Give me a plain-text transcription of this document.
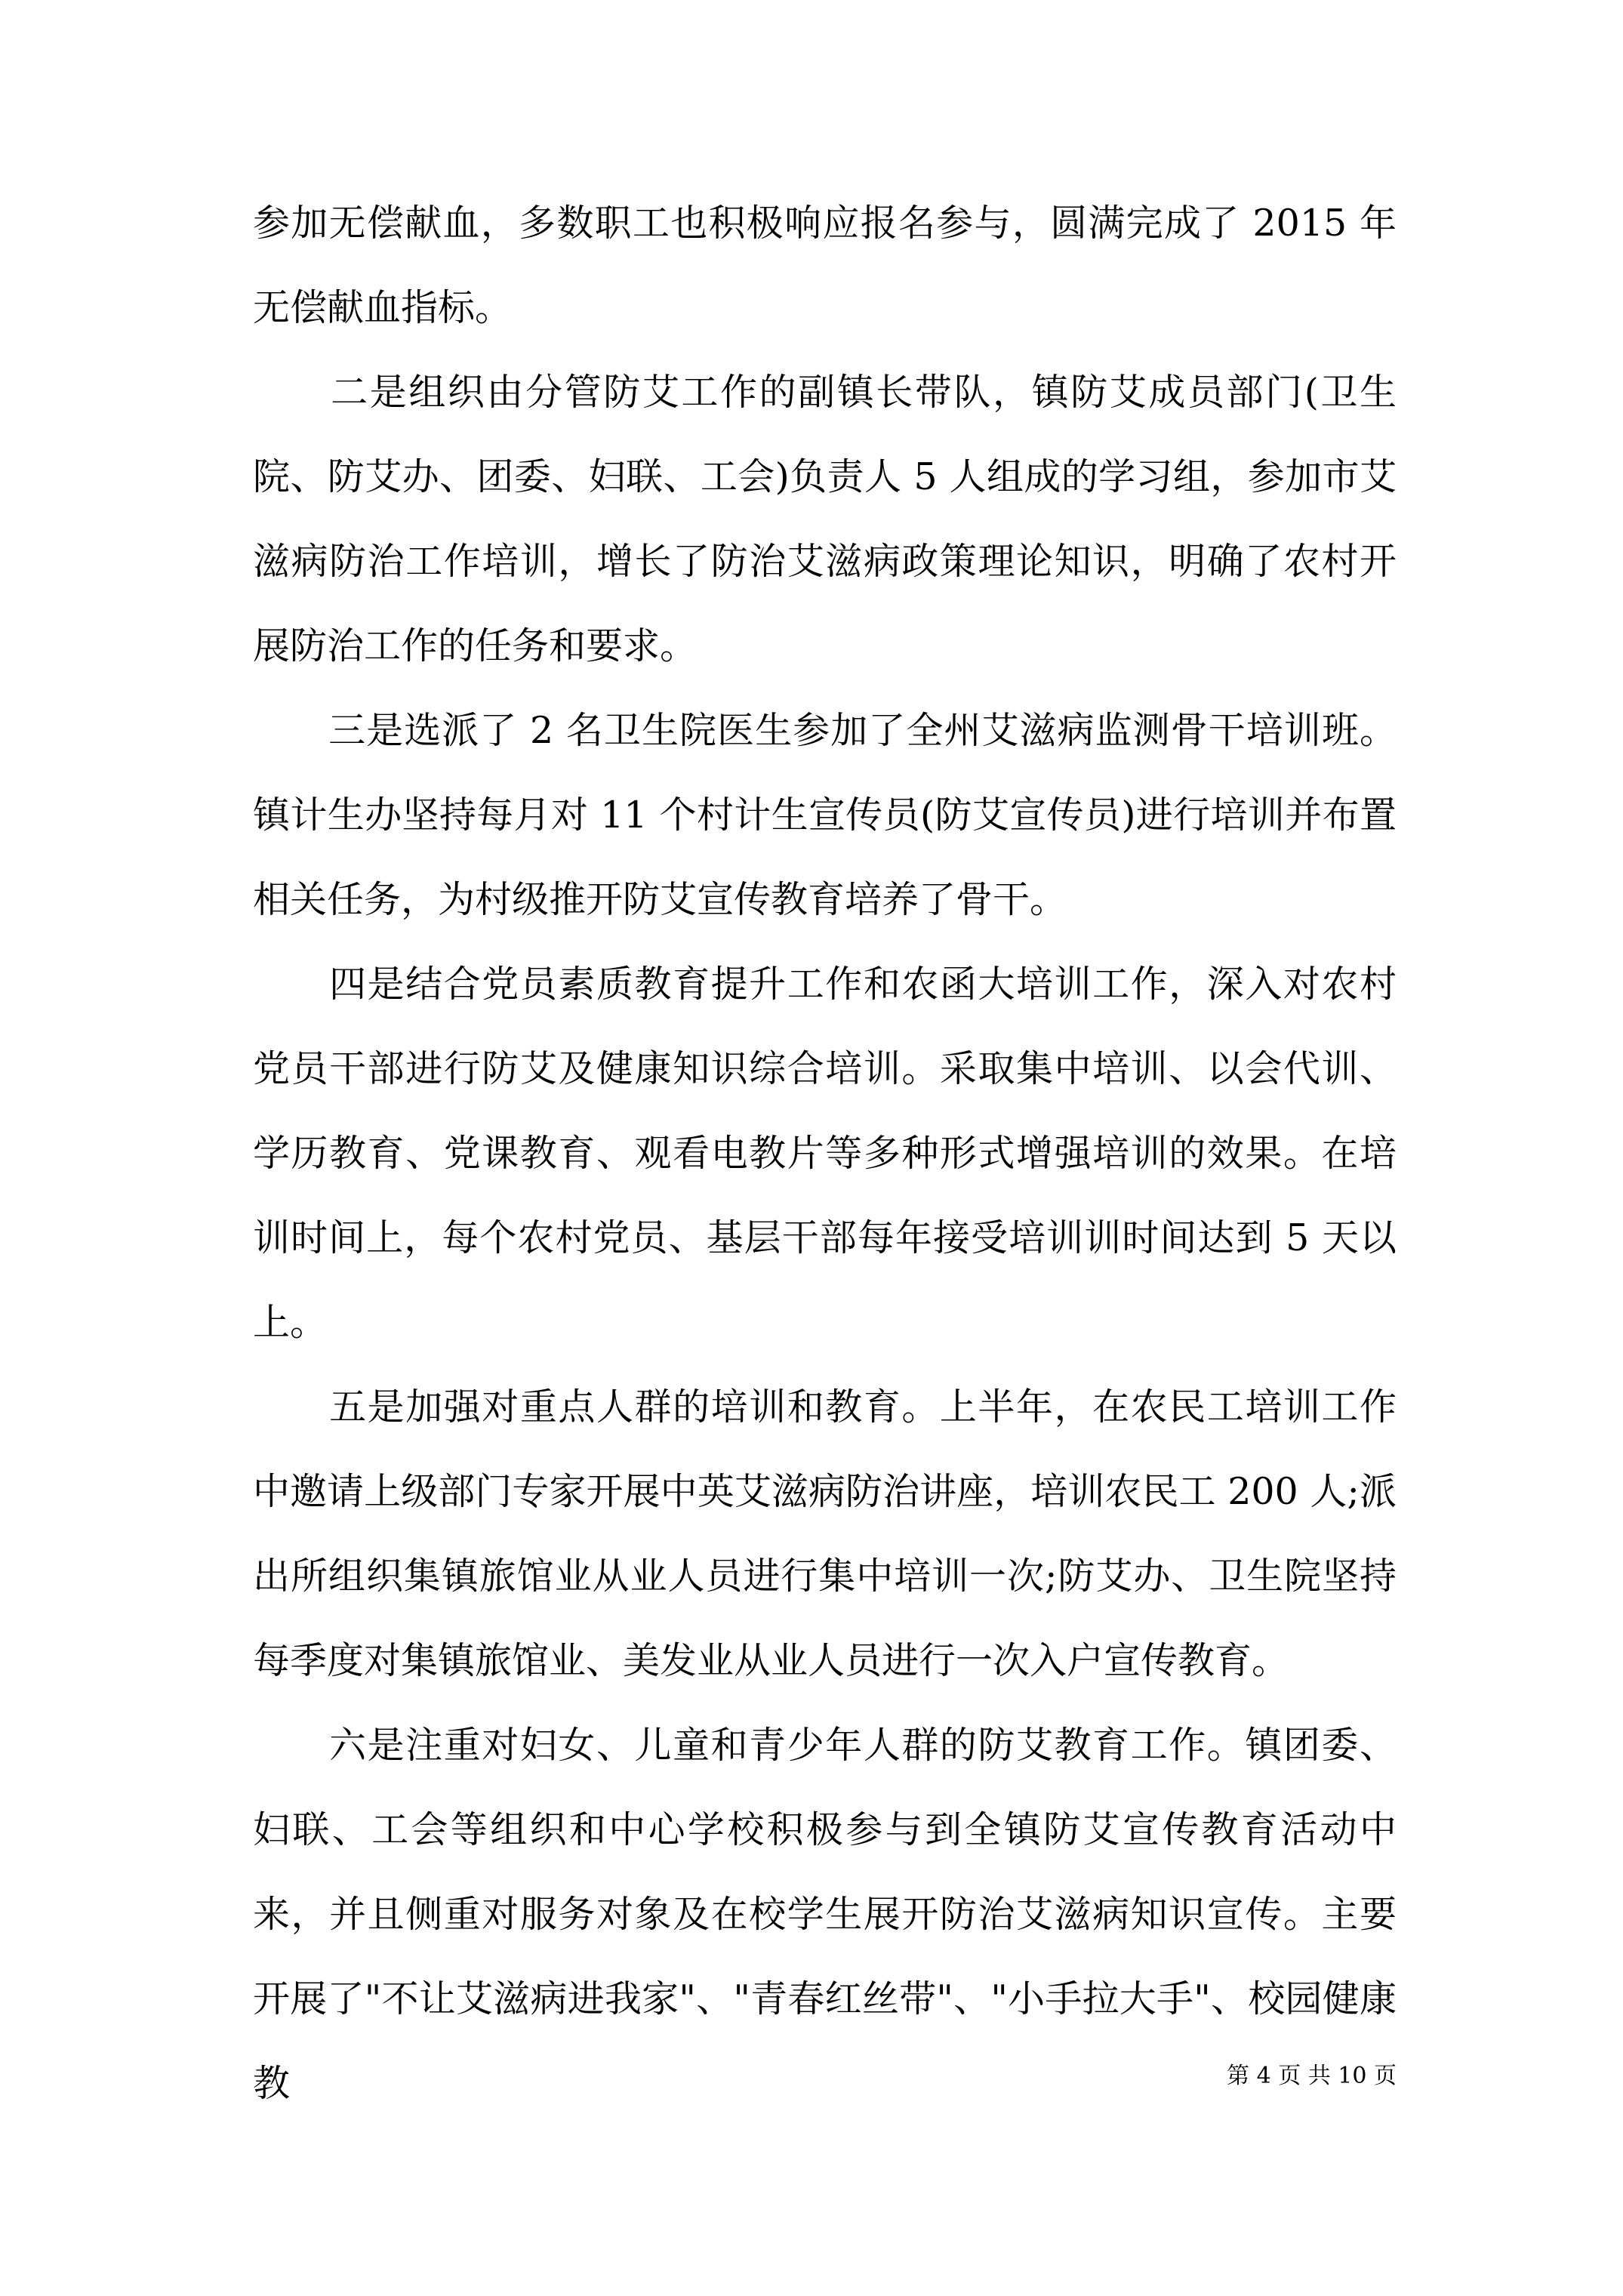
参加无偿献血，多数职工也积极响应报名参与，圆满完成了 2015 年无偿献血指标。

　　二是组织由分管防艾工作的副镇长带队，镇防艾成员部门(卫生院、防艾办、团委、妇联、工会)负责人 5 人组成的学习组，参加市艾滋病防治工作培训，增长了防治艾滋病政策理论知识，明确了农村开展防治工作的任务和要求。

　　三是选派了 2 名卫生院医生参加了全州艾滋病监测骨干培训班。镇计生办坚持每月对 11 个村计生宣传员(防艾宣传员)进行培训并布置相关任务，为村级推开防艾宣传教育培养了骨干。

　　四是结合党员素质教育提升工作和农函大培训工作，深入对农村党员干部进行防艾及健康知识综合培训。采取集中培训、以会代训、学历教育、党课教育、观看电教片等多种形式增强培训的效果。在培训时间上，每个农村党员、基层干部每年接受培训训时间达到 5 天以上。

　　五是加强对重点人群的培训和教育。上半年，在农民工培训工作中邀请上级部门专家开展中英艾滋病防治讲座，培训农民工 200 人;派出所组织集镇旅馆业从业人员进行集中培训一次;防艾办、卫生院坚持每季度对集镇旅馆业、美发业从业人员进行一次入户宣传教育。

　　六是注重对妇女、儿童和青少年人群的防艾教育工作。镇团委、妇联、工会等组织和中心学校积极参与到全镇防艾宣传教育活动中来，并且侧重对服务对象及在校学生展开防治艾滋病知识宣传。主要开展了"不让艾滋病进我家"、"青春红丝带"、"小手拉大手"、校园健康教	第 4 页 共 10 页
